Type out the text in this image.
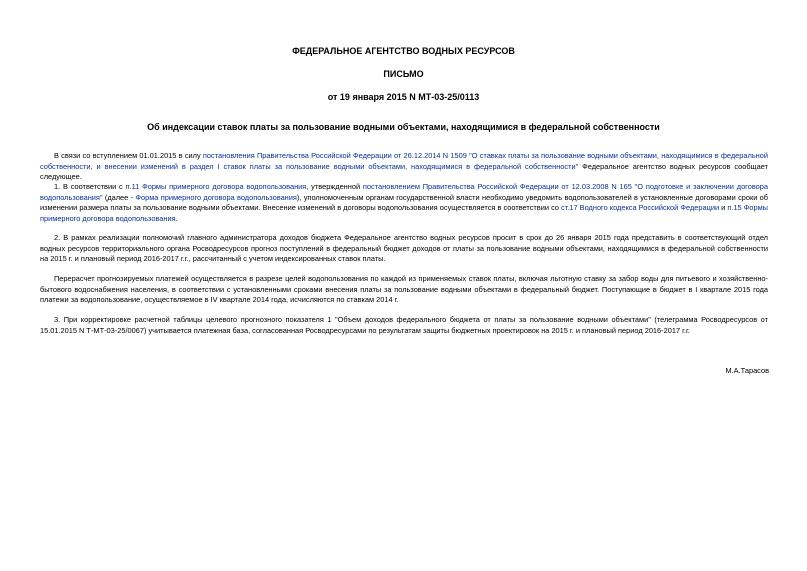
ФЕДЕРАЛЬНОЕ АГЕНТСТВО ВОДНЫХ РЕСУРСОВ
ПИСЬМО
от 19 января 2015 N МТ-03-25/0113
Об индексации ставок платы за пользование водными объектами, находящимися в федеральной собственности
В связи со вступлением 01.01.2015 в силу постановления Правительства Российской Федерации от 26.12.2014 N 1509 "О ставках платы за пользование водными объектами, находящимися в федеральной собственности, и внесении изменений в раздел I ставок платы за пользование водными объектами, находящимися в федеральной собственности" Федеральное агентство водных ресурсов сообщает следующее.
1. В соответствии с п.11 Формы примерного договора водопользования, утвержденной постановлением Правительства Российской Федерации от 12.03.2008 N 165 "О подготовке и заключении договора водопользования" (далее - Форма примерного договора водопользования), уполномоченным органам государственной власти необходимо уведомить водопользователей в установленные договорами сроки об изменении размера платы за пользование водными объектами. Внесение изменений в договоры водопользования осуществляется в соответствии со ст.17 Водного кодекса Российской Федерации и п.15 Формы примерного договора водопользования.
2. В рамках реализации полномочий главного администратора доходов бюджета Федеральное агентство водных ресурсов просит в срок до 26 января 2015 года представить в соответствующий отдел водных ресурсов территориального органа Росводресурсов прогноз поступлений в федеральный бюджет доходов от платы за пользование водными объектами, находящимися в федеральной собственности на 2015 г. и плановый период 2016-2017 г.г., рассчитанный с учетом индексированных ставок платы.
Перерасчет прогнозируемых платежей осуществляется в разрезе целей водопользования по каждой из применяемых ставок платы, включая льготную ставку за забор воды для питьевого и хозяйственно-бытового водоснабжения населения, в соответствии с установленными сроками внесения платы за пользование водными объектами в федеральный бюджет. Поступающие в бюджет в I квартале 2015 года платежи за водопользование, осуществляемое в IV квартале 2014 года, исчисляются по ставкам 2014 г.
3. При корректировке расчетной таблицы целевого прогнозного показателя 1 "Объем доходов федерального бюджета от платы за пользование водными объектами" (телеграмма Росводресурсов от 15.01.2015 N Т-МТ-03-25/0067) учитывается платежная база, согласованная Росводресурсами по результатам защиты бюджетных проектировок на 2015 г. и плановый период 2016-2017 г.г.
М.А.Тарасов
